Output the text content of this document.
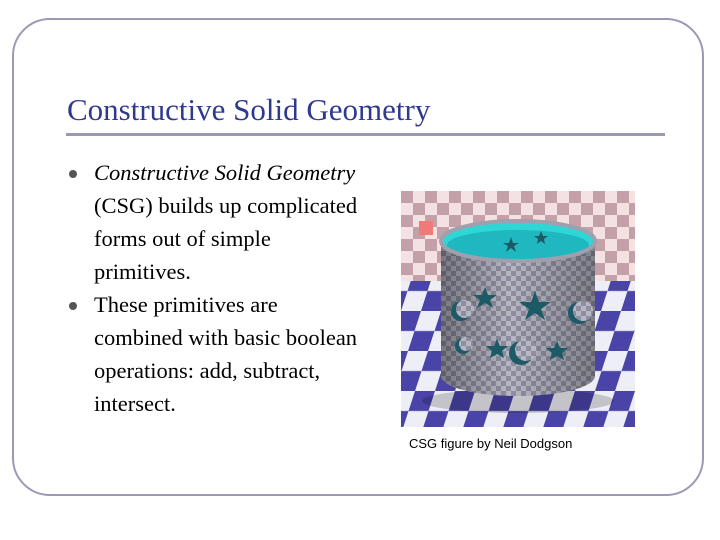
Constructive Solid Geometry
Constructive Solid Geometry (CSG) builds up complicated forms out of simple primitives.
These primitives are combined with basic boolean operations: add, subtract, intersect.
CSG figure by Neil Dodgson
